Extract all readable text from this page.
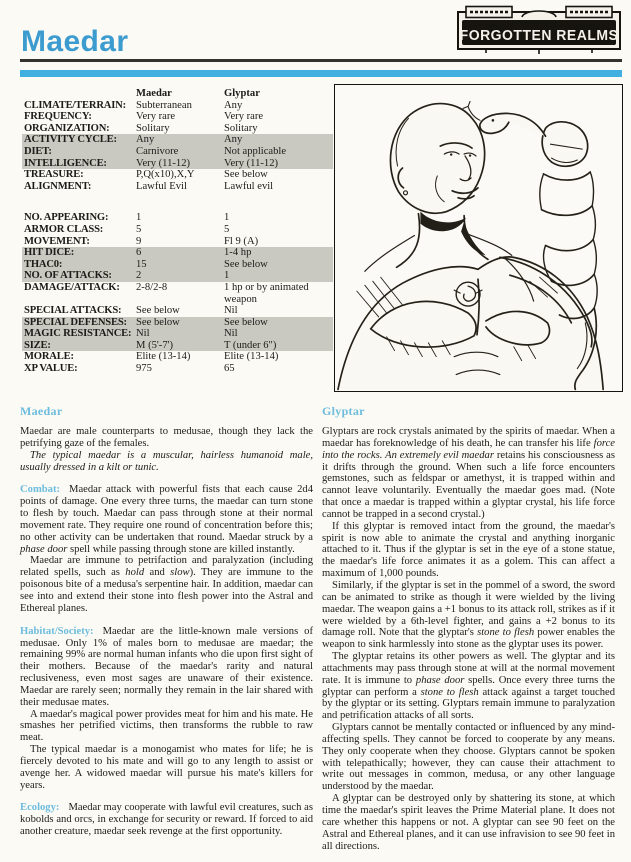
Maedar	FORGOTTEN REALMS
Maedar	Glyptar
CLIMATE/TERRAIN: Subterranean	Any
FREQUENCY:	Very rare	Very rare
ORGANIZATION:	Solitary	Solitary
ACTIVITY CYCLE:	Any	Any
DIET:	Carnivore	Not applicable
INTELLIGENCE:	Very (11-12)	Very (11-12)
TREASURE:	P,Q(x10),X,Y	See below
ALIGNMENT:	Lawful Evil	Lawful evil
NO. APPEARING:	1	1
ARMOR CLASS:	5	5
MOVEMENT:	9	Fl 9 (A)
HIT DICE:	6	1-4 hp
THAC0:	15	See below
NO. OF ATTACKS:	2	1
DAMAGE/ATTACK:	2-8/2-8	1 hp or by animated weapon
SPECIAL ATTACKS:	See below	Nil
SPECIAL DEFENSES: See below	See below
MAGIC RESISTANCE: Nil	Nil
SIZE:	M (5'-7')	T (under 6")
MORALE:	Elite (13-14)	Elite (13-14)
XP VALUE:	975	65
Maedar

Maedar are male counterparts to medusae, though they lack the petrifying gaze of the females.

The typical maedar is a muscular, hairless humanoid male, usually dressed in a kilt or tunic.

Combat: Maedar attack with powerful fists that each cause 2d4 points of damage. One every three turns, the maedar can turn stone to flesh by touch. Maedar can pass through stone at their normal movement rate. They require one round of concentration before this; no other activity can be undertaken that round. Maedar struck by a phase door spell while passing through stone are killed instantly.

Maedar are immune to petrifaction and paralyzation (including related spells, such as hold and slow). They are immune to the poisonous bite of a medusa's serpentine hair. In addition, maedar can see into and extend their stone into flesh power into the Astral and Ethereal planes.

Habitat/Society: Maedar are the little-known male versions of medusae. Only 1% of males born to medusae are maedar; the remaining 99% are normal human infants who die upon first sight of their mothers. Because of the maedar's rarity and natural reclusiveness, even most sages are unaware of their existence. Maedar are rarely seen; normally they remain in the lair shared with their medusae mates.

A maedar's magical power provides meat for him and his mate. He smashes her petrified victims, then transforms the rubble to raw meat.

The typical maedar is a monogamist who mates for life; he is fiercely devoted to his mate and will go to any length to assist or avenge her. A widowed maedar will pursue his mate's killers for years.

Ecology: Maedar may cooperate with lawful evil creatures, such as kobolds and orcs, in exchange for security or reward. If forced to aid another creature, maedar seek revenge at the first opportunity.

Glyptar

Glyptars are rock crystals animated by the spirits of maedar. When a maedar has foreknowledge of his death, he can transfer his life force into the rocks. An extremely evil maedar retains his consciousness as it drifts through the ground. When such a life force encounters gemstones, such as feldspar or amethyst, it is trapped within and cannot leave voluntarily. Eventually the maedar goes mad. (Note that once a maedar is trapped within a glyptar crystal, his life force cannot be trapped in a second crystal.)

If this glyptar is removed intact from the ground, the maedar's spirit is now able to animate the crystal and anything inorganic attached to it. Thus if the glyptar is set in the eye of a stone statue, the maedar's life force animates it as a golem. This can affect a maximum of 1,000 pounds.

Similarly, if the glyptar is set in the pommel of a sword, the sword can be animated to strike as though it were wielded by the living maedar. The weapon gains a +1 bonus to its attack roll, strikes as if it were wielded by a 6th-level fighter, and gains a +2 bonus to its damage roll. Note that the glyptar's stone to flesh power enables the weapon to sink harmlessly into stone as the glyptar uses its power.

The glyptar retains its other powers as well. The glyptar and its attachments may pass through stone at will at the normal movement rate. It is immune to phase door spells. Once every three turns the glyptar can perform a stone to flesh attack against a target touched by the glyptar or its setting. Glyptars remain immune to paralyzation and petrification attacks of all sorts.

Glyptars cannot be mentally contacted or influenced by any mind-affecting spells. They cannot be forced to cooperate by any means. They only cooperate when they choose. Glyptars cannot be spoken with telepathically; however, they can cause their attachment to write out messages in common, medusa, or any other language understood by the maedar.

A glyptar can be destroyed only by shattering its stone, at which time the maedar's spirit leaves the Prime Material plane. It does not care whether this happens or not. A glyptar can see 90 feet on the Astral and Ethereal planes, and it can use infravision to see 90 feet in all directions.
